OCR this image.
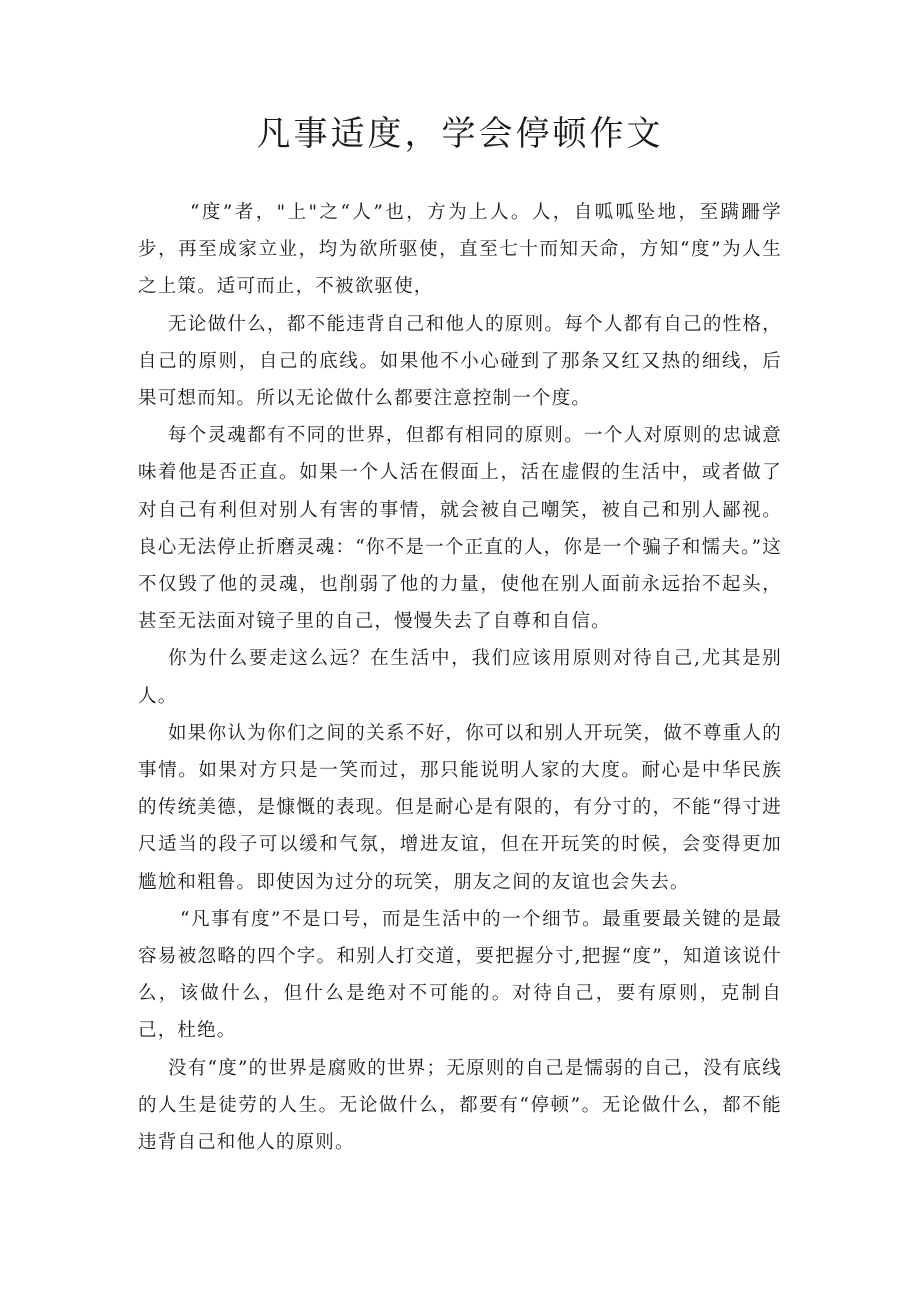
凡事适度，学会停顿作文

“度”者，"上"之“人”也，方为上人。人，自呱呱坠地，至蹒跚学步，再至成家立业，均为欲所驱使，直至七十而知天命，方知“度”为人生之上策。适可而止，不被欲驱使，

无论做什么，都不能违背自己和他人的原则。每个人都有自己的性格，自己的原则，自己的底线。如果他不小心碰到了那条又红又热的细线，后果可想而知。所以无论做什么都要注意控制一个度。

每个灵魂都有不同的世界，但都有相同的原则。一个人对原则的忠诚意味着他是否正直。如果一个人活在假面上，活在虚假的生活中，或者做了对自己有利但对别人有害的事情，就会被自己嘲笑，被自己和别人鄙视。良心无法停止折磨灵魂：“你不是一个正直的人，你是一个骗子和懦夫。”这不仅毁了他的灵魂，也削弱了他的力量，使他在别人面前永远抬不起头，甚至无法面对镜子里的自己，慢慢失去了自尊和自信。

你为什么要走这么远？在生活中，我们应该用原则对待自己,尤其是别人。

如果你认为你们之间的关系不好，你可以和别人开玩笑，做不尊重人的事情。如果对方只是一笑而过，那只能说明人家的大度。耐心是中华民族的传统美德，是慷慨的表现。但是耐心是有限的，有分寸的，不能“得寸进尺适当的段子可以缓和气氛，增进友谊，但在开玩笑的时候，会变得更加尴尬和粗鲁。即使因为过分的玩笑，朋友之间的友谊也会失去。

“凡事有度”不是口号，而是生活中的一个细节。最重要最关键的是最容易被忽略的四个字。和别人打交道，要把握分寸,把握“度”，知道该说什么，该做什么，但什么是绝对不可能的。对待自己，要有原则，克制自己，杜绝。

没有“度”的世界是腐败的世界；无原则的自己是懦弱的自己，没有底线的人生是徒劳的人生。无论做什么，都要有“停顿”。无论做什么，都不能违背自己和他人的原则。
